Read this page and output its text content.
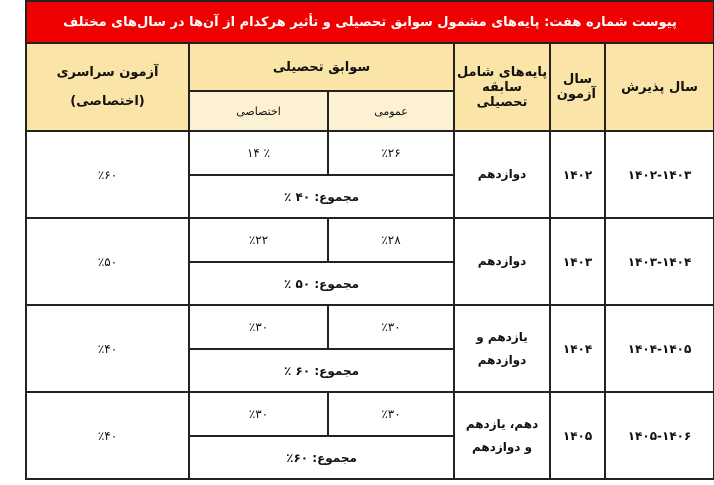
پیوست شماره هفت: پایه‌های مشمول سوابق تحصیلی و تأثیر هرکدام از آن‌ها در سال‌های مختلف					
سال پذیرش	سال آزمون	پایه‌های شامل سابقه تحصیلی	سوابق تحصیلی		آزمون سراسری
(اختصاصی)

			عمومی	اختصاصی	
۱۴۰۲-۱۴۰۳	۱۴۰۲	دوازدهم	٪۲۶	٪ ۱۴	٪۶۰
			مجموع: ۴۰ ٪		
۱۴۰۳-۱۴۰۴	۱۴۰۳	دوازدهم	٪۲۸	٪۲۲	٪۵۰
			مجموع: ۵۰ ٪		
۱۴۰۴-۱۴۰۵	۱۴۰۴	یازدهم و دوازدهم	٪۳۰	٪۳۰	٪۴۰
			مجموع: ۶۰ ٪		
۱۴۰۵-۱۴۰۶	۱۴۰۵	دهم، یازدهم و دوازدهم	٪۳۰	٪۳۰	٪۴۰
			مجموع: ۶۰٪		
